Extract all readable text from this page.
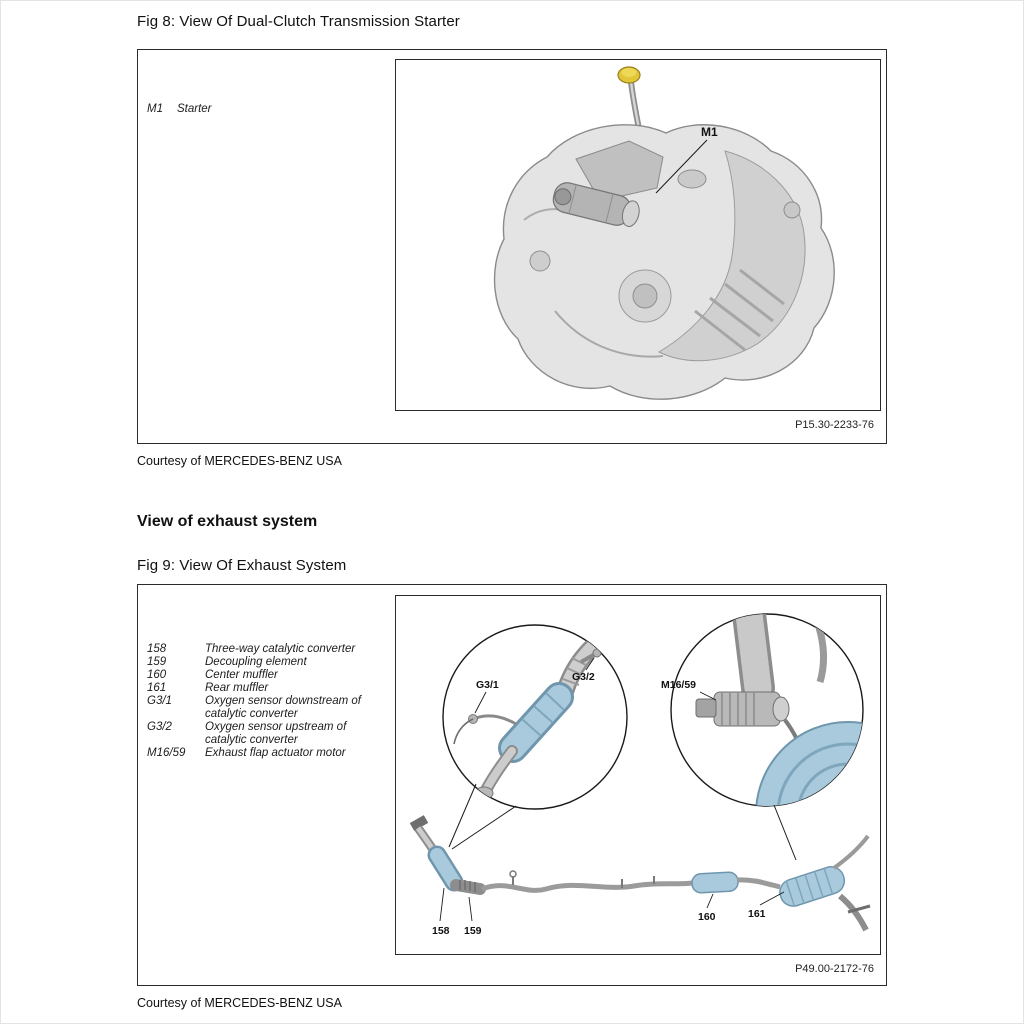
Fig 8: View Of Dual-Clutch Transmission Starter
M1	Starter
M1
P15.30-2233-76
Courtesy of MERCEDES-BENZ USA
View of exhaust system
Fig 9: View Of Exhaust System
158	Three-way catalytic converter
159	Decoupling element
160	Center muffler
161	Rear muffler
G3/1	Oxygen sensor downstream of catalytic converter
G3/2	Oxygen sensor upstream of catalytic converter
M16/59	Exhaust flap actuator motor
G3/1
G3/2
M16/59
158 159
160	161
P49.00-2172-76
Courtesy of MERCEDES-BENZ USA
